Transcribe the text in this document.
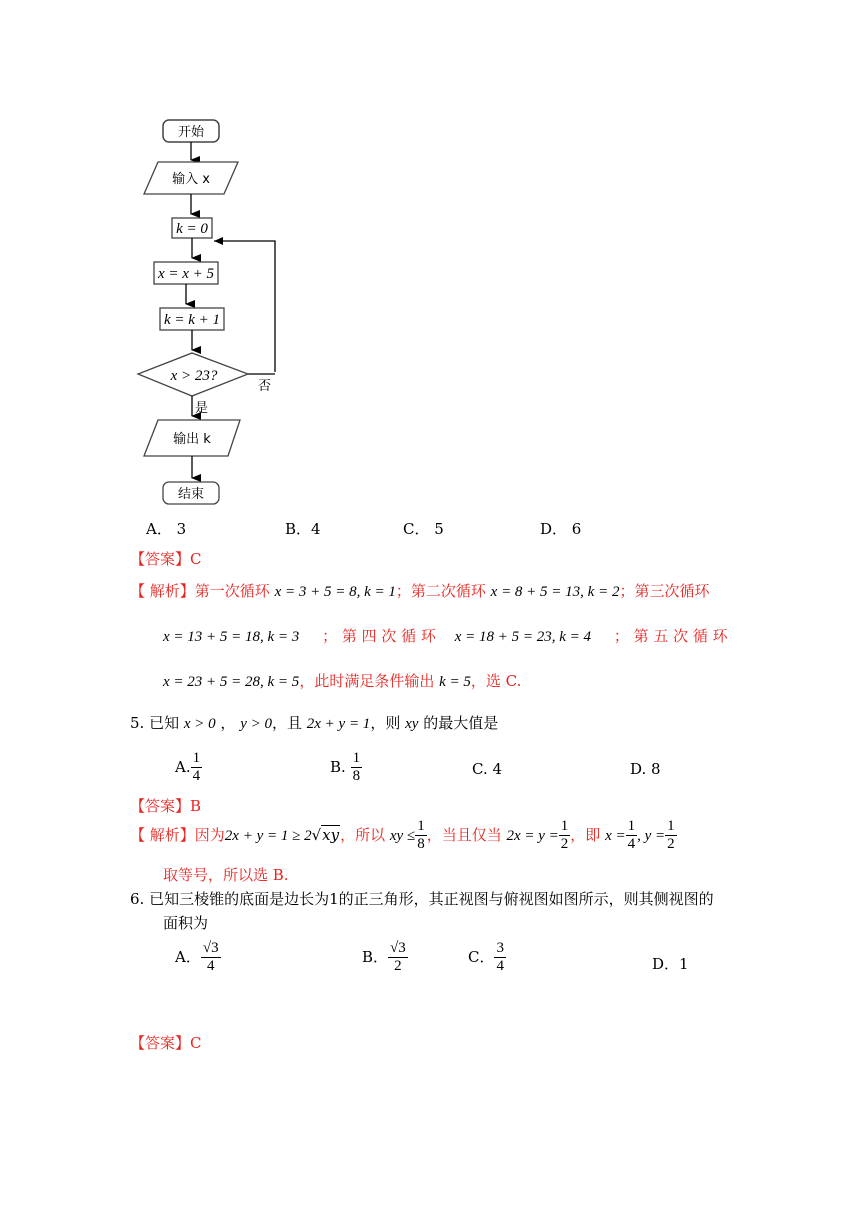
开始
输入 x
k = 0
x = x + 5
k = k + 1
x > 23?
否
是
输出 k
结束
A． 3	B．4	C． 5	D． 6
【答案】C
【 解析】第一次循环 x = 3 + 5 = 8, k = 1；第二次循环 x = 8 + 5 = 13, k = 2；第三次循环
x = 13 + 5 = 18, k = 3 ； 第 四 次 循 环 x = 18 + 5 = 23, k = 4 ； 第 五 次 循 环
x = 23 + 5 = 28, k = 5，此时满足条件输出 k = 5，选 C.
5. 已知 x > 0 ， y > 0，且 2x + y = 1，则 xy 的最大值是
A. $\frac{1}{4}$	B. $\frac{1}{8}$	C. 4	D. 8
【答案】B
【 解析】因为2x + y = 1 ≥ 2√xy，所以 xy ≤ $\frac{1}{8}$ ，当且仅当 $2x = y = \frac{1}{2}$ ，即 $x = \frac{1}{4}$ , $y = \frac{1}{2}$
取等号，所以选 B.
6. 已知三棱锥的底面是边长为1的正三角形，其正视图与俯视图如图所示，则其侧视图的
面积为
A． $\frac{√3}{4}$	B． $\frac{√3}{2}$	C． $\frac{3}{4}$	D．1
【答案】C
